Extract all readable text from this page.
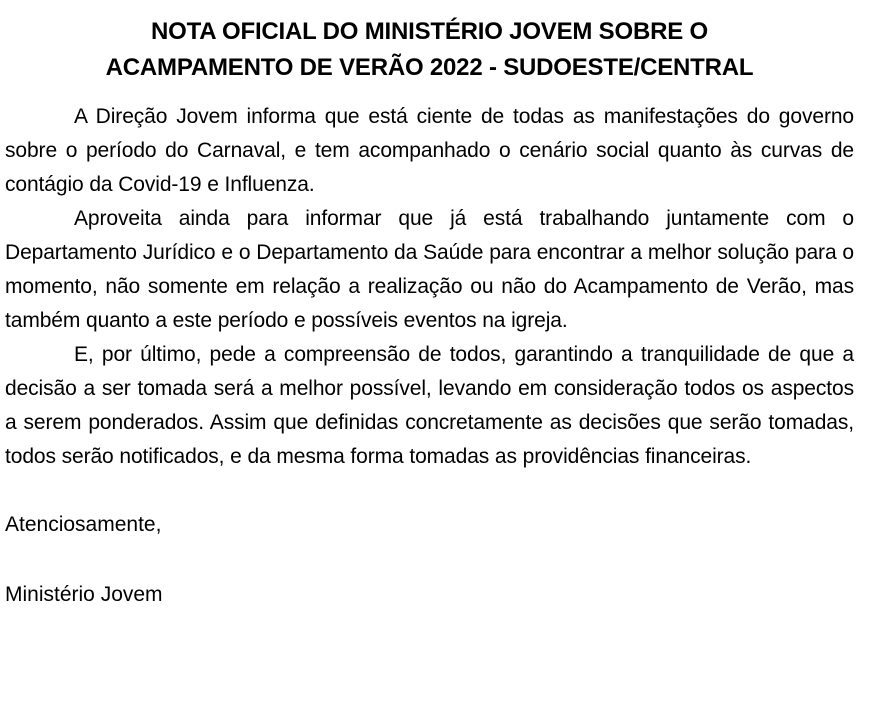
NOTA OFICIAL DO MINISTÉRIO JOVEM SOBRE O
ACAMPAMENTO DE VERÃO 2022 - SUDOESTE/CENTRAL

A Direção Jovem informa que está ciente de todas as manifestações do governo sobre o período do Carnaval, e tem acompanhado o cenário social quanto às curvas de contágio da Covid-19 e Influenza.

Aproveita ainda para informar que já está trabalhando juntamente com o Departamento Jurídico e o Departamento da Saúde para encontrar a melhor solução para o momento, não somente em relação a realização ou não do Acampamento de Verão, mas também quanto a este período e possíveis eventos na igreja.

E, por último, pede a compreensão de todos, garantindo a tranquilidade de que a decisão a ser tomada será a melhor possível, levando em consideração todos os aspectos a serem ponderados. Assim que definidas concretamente as decisões que serão tomadas, todos serão notificados, e da mesma forma tomadas as providências financeiras.

Atenciosamente,

Ministério Jovem
